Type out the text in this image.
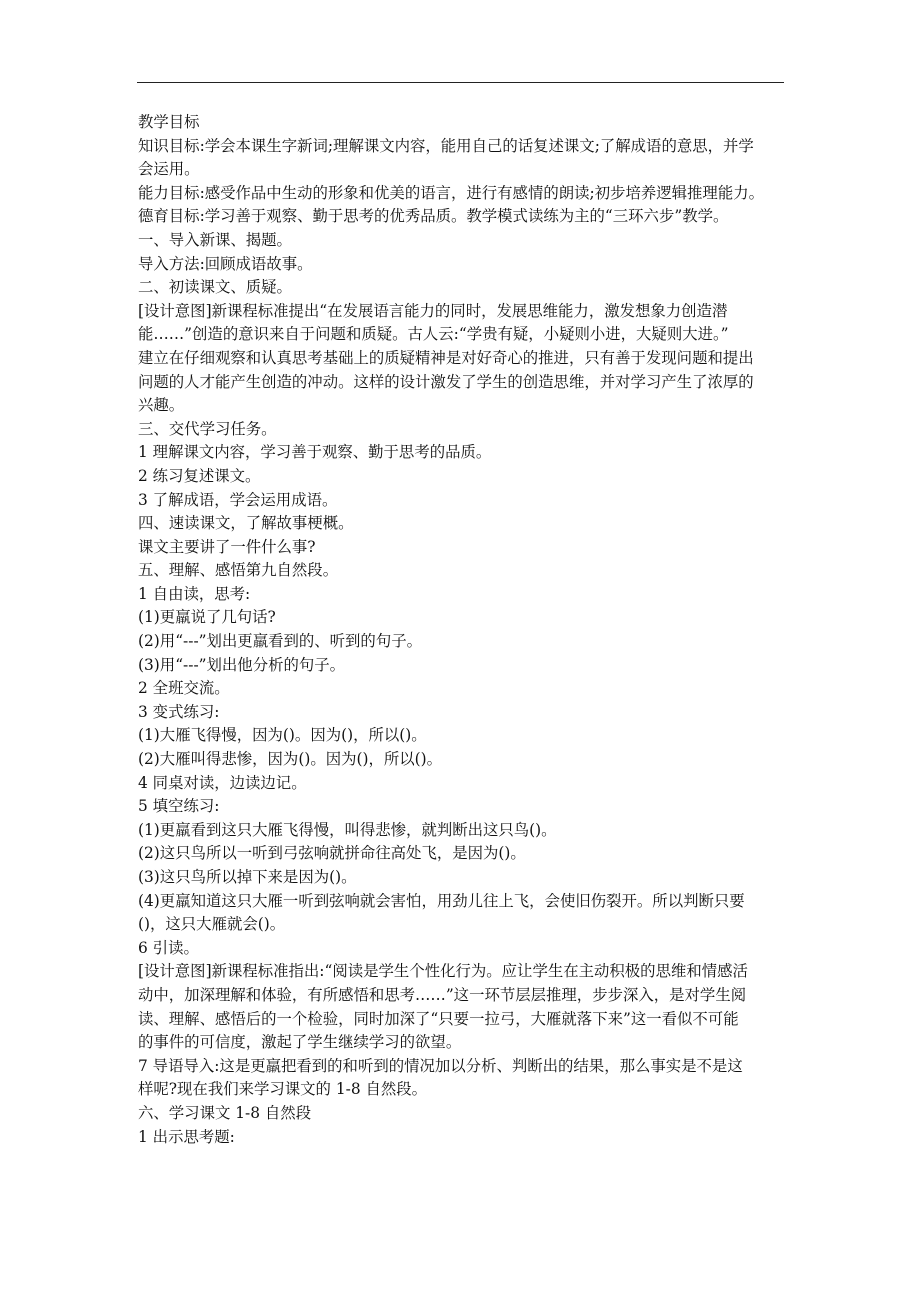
教学目标
知识目标:学会本课生字新词;理解课文内容，能用自己的话复述课文;了解成语的意思，并学
会运用。
能力目标:感受作品中生动的形象和优美的语言，进行有感情的朗读;初步培养逻辑推理能力。
德育目标:学习善于观察、勤于思考的优秀品质。教学模式读练为主的“三环六步”教学。
一、导入新课、揭题。
导入方法:回顾成语故事。
二、初读课文、质疑。
[设计意图]新课程标准提出“在发展语言能力的同时，发展思维能力，激发想象力创造潜
能……”创造的意识来自于问题和质疑。古人云:“学贵有疑，小疑则小进，大疑则大进。”
建立在仔细观察和认真思考基础上的质疑精神是对好奇心的推进，只有善于发现问题和提出
问题的人才能产生创造的冲动。这样的设计激发了学生的创造思维，并对学习产生了浓厚的
兴趣。
三、交代学习任务。
1 理解课文内容，学习善于观察、勤于思考的品质。
2 练习复述课文。
3 了解成语，学会运用成语。
四、速读课文，了解故事梗概。
课文主要讲了一件什么事?
五、理解、感悟第九自然段。
1 自由读，思考:
(1)更羸说了几句话?
(2)用“---”划出更羸看到的、听到的句子。
(3)用“---”划出他分析的句子。
2 全班交流。
3 变式练习:
(1)大雁飞得慢，因为()。因为()，所以()。
(2)大雁叫得悲惨，因为()。因为()，所以()。
4 同桌对读，边读边记。
5 填空练习:
(1)更羸看到这只大雁飞得慢，叫得悲惨，就判断出这只鸟()。
(2)这只鸟所以一听到弓弦响就拼命往高处飞，是因为()。
(3)这只鸟所以掉下来是因为()。
(4)更羸知道这只大雁一听到弦响就会害怕，用劲儿往上飞，会使旧伤裂开。所以判断只要
()，这只大雁就会()。
6 引读。
[设计意图]新课程标准指出:“阅读是学生个性化行为。应让学生在主动积极的思维和情感活
动中，加深理解和体验，有所感悟和思考……”这一环节层层推理，步步深入，是对学生阅
读、理解、感悟后的一个检验，同时加深了“只要一拉弓，大雁就落下来”这一看似不可能
的事件的可信度，激起了学生继续学习的欲望。
7 导语导入:这是更羸把看到的和听到的情况加以分析、判断出的结果，那么事实是不是这
样呢?现在我们来学习课文的 1-8 自然段。
六、学习课文 1-8 自然段
1 出示思考题:
